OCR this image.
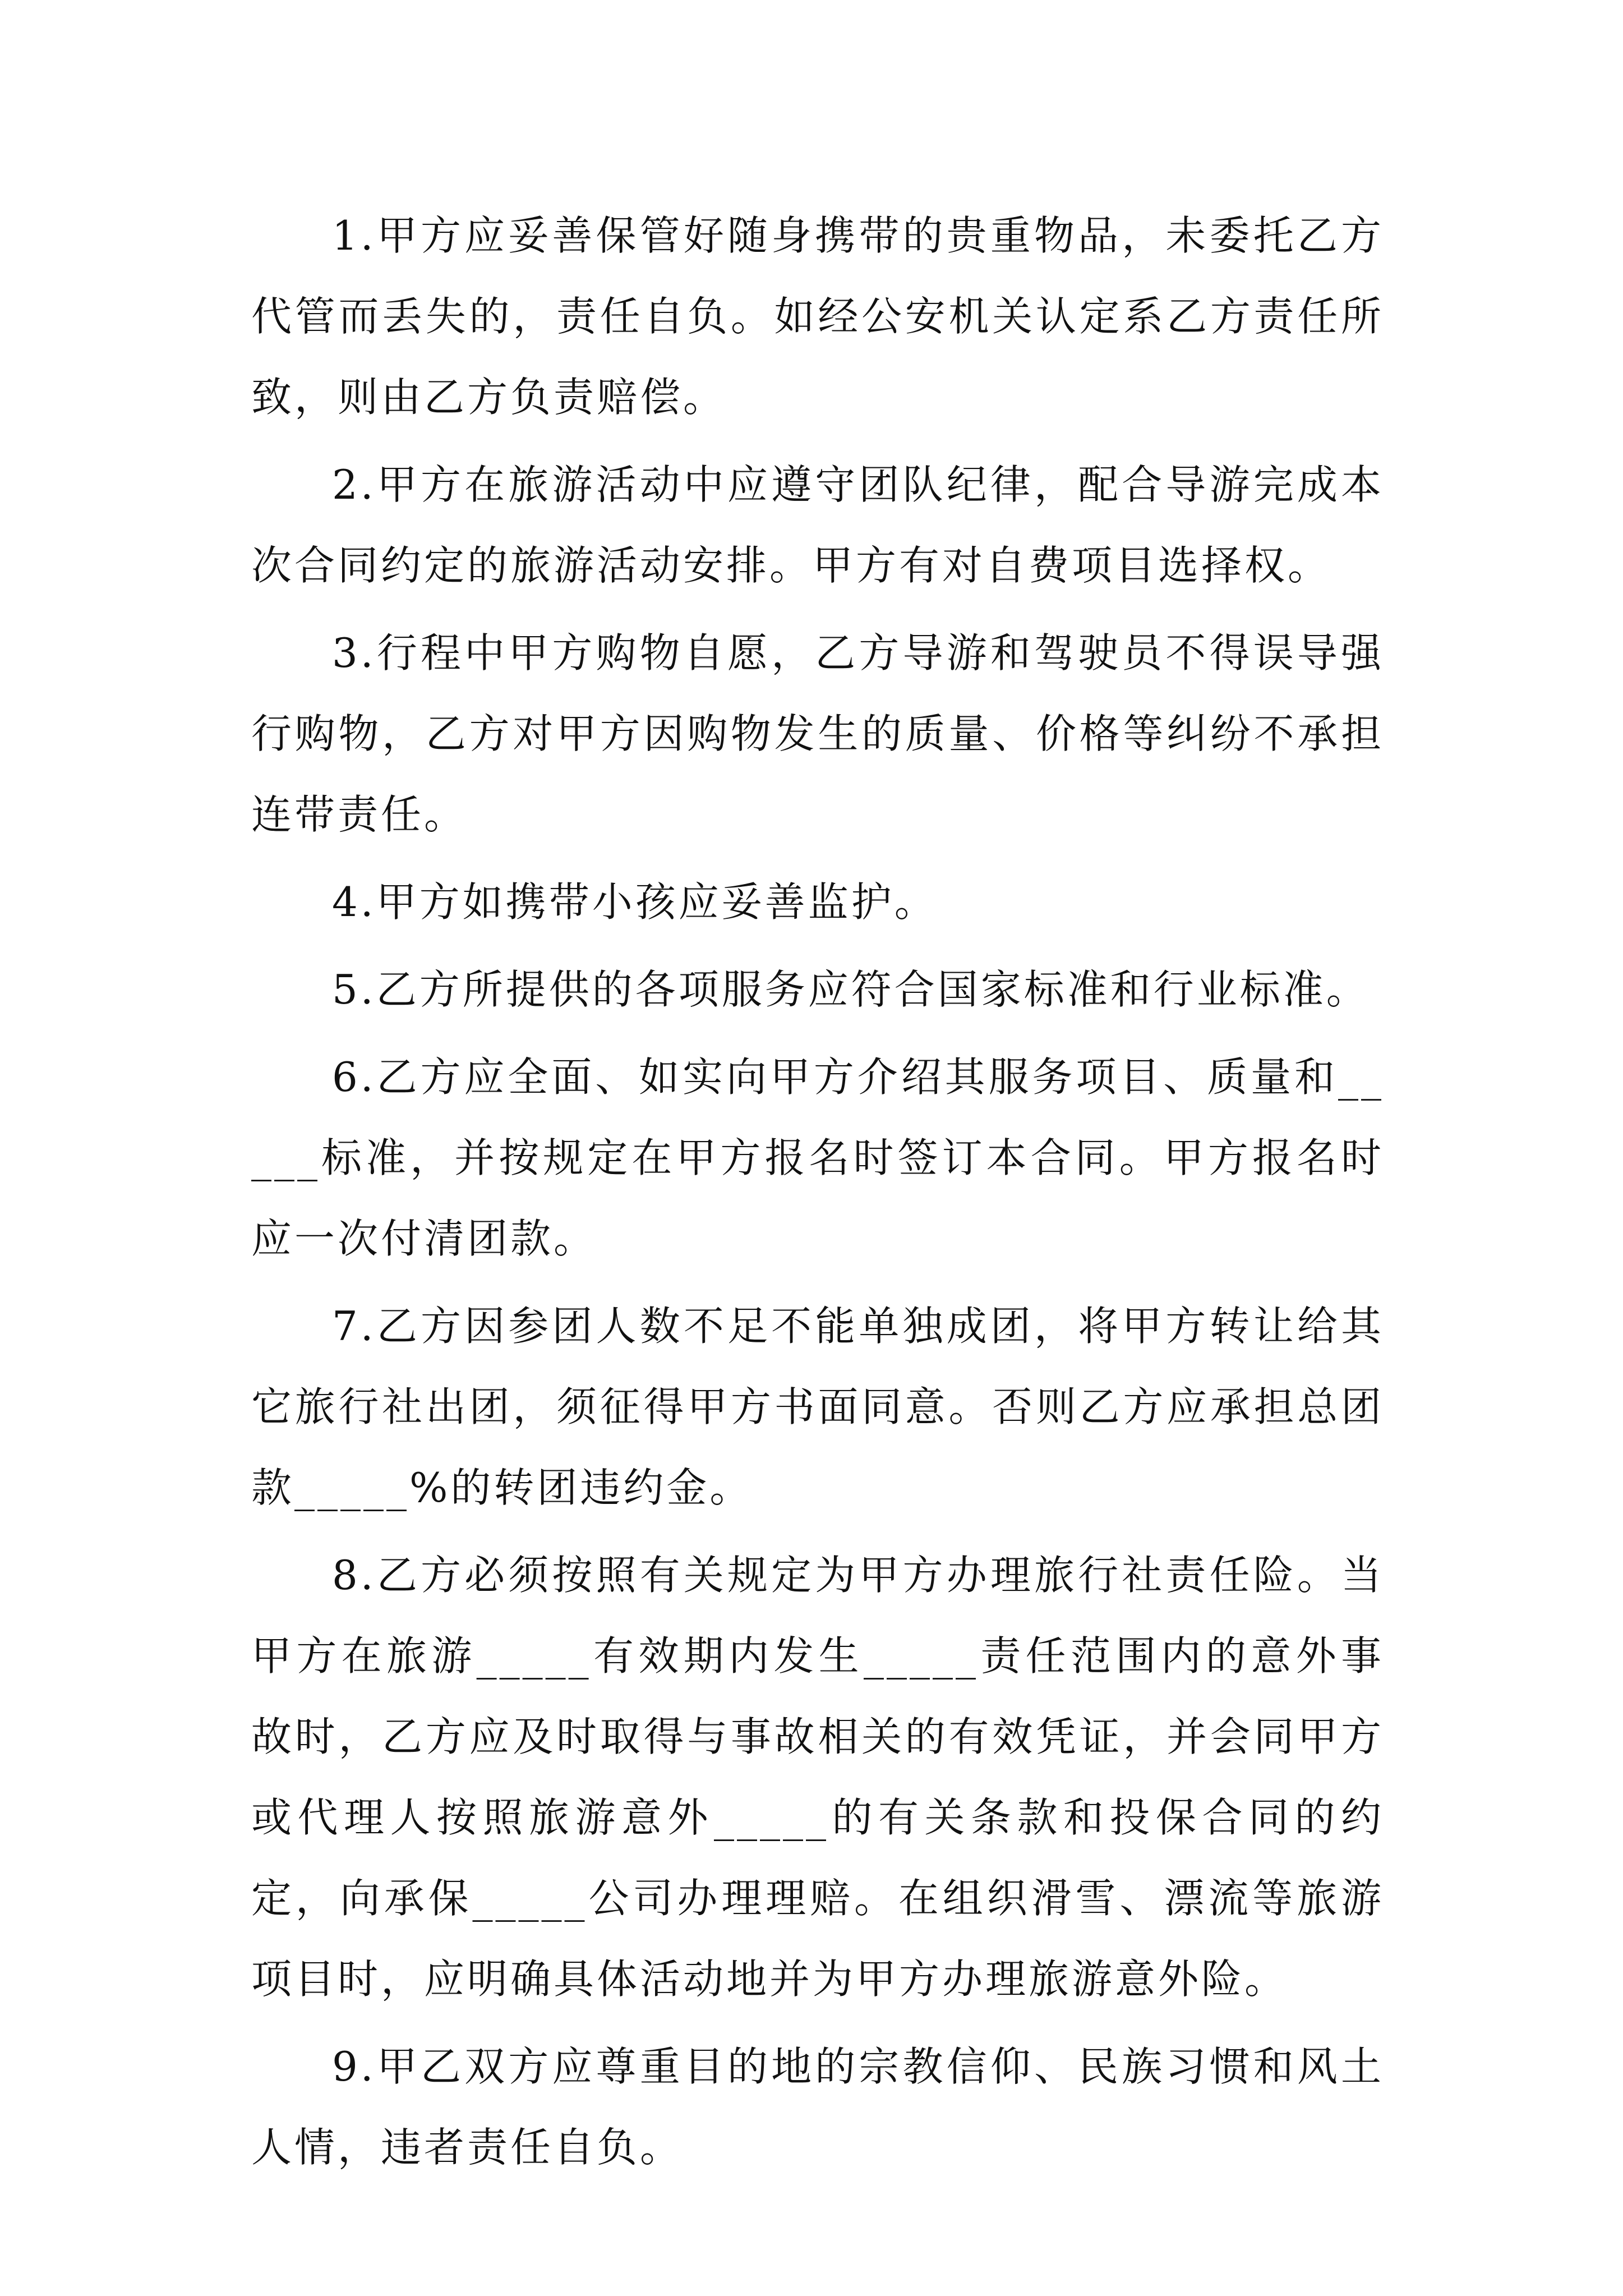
1.甲方应妥善保管好随身携带的贵重物品，未委托乙方代管而丢失的，责任自负。如经公安机关认定系乙方责任所致，则由乙方负责赔偿。

2.甲方在旅游活动中应遵守团队纪律，配合导游完成本次合同约定的旅游活动安排。甲方有对自费项目选择权。

3.行程中甲方购物自愿，乙方导游和驾驶员不得误导强行购物，乙方对甲方因购物发生的质量、价格等纠纷不承担连带责任。

4.甲方如携带小孩应妥善监护。

5.乙方所提供的各项服务应符合国家标准和行业标准。

6.乙方应全面、如实向甲方介绍其服务项目、质量和_____标准，并按规定在甲方报名时签订本合同。甲方报名时应一次付清团款。

7.乙方因参团人数不足不能单独成团，将甲方转让给其它旅行社出团，须征得甲方书面同意。否则乙方应承担总团款_____%的转团违约金。

8.乙方必须按照有关规定为甲方办理旅行社责任险。当甲方在旅游_____有效期内发生_____责任范围内的意外事故时，乙方应及时取得与事故相关的有效凭证，并会同甲方或代理人按照旅游意外_____的有关条款和投保合同的约定，向承保_____公司办理理赔。在组织滑雪、漂流等旅游项目时，应明确具体活动地并为甲方办理旅游意外险。

9.甲乙双方应尊重目的地的宗教信仰、民族习惯和风土人情，违者责任自负。
